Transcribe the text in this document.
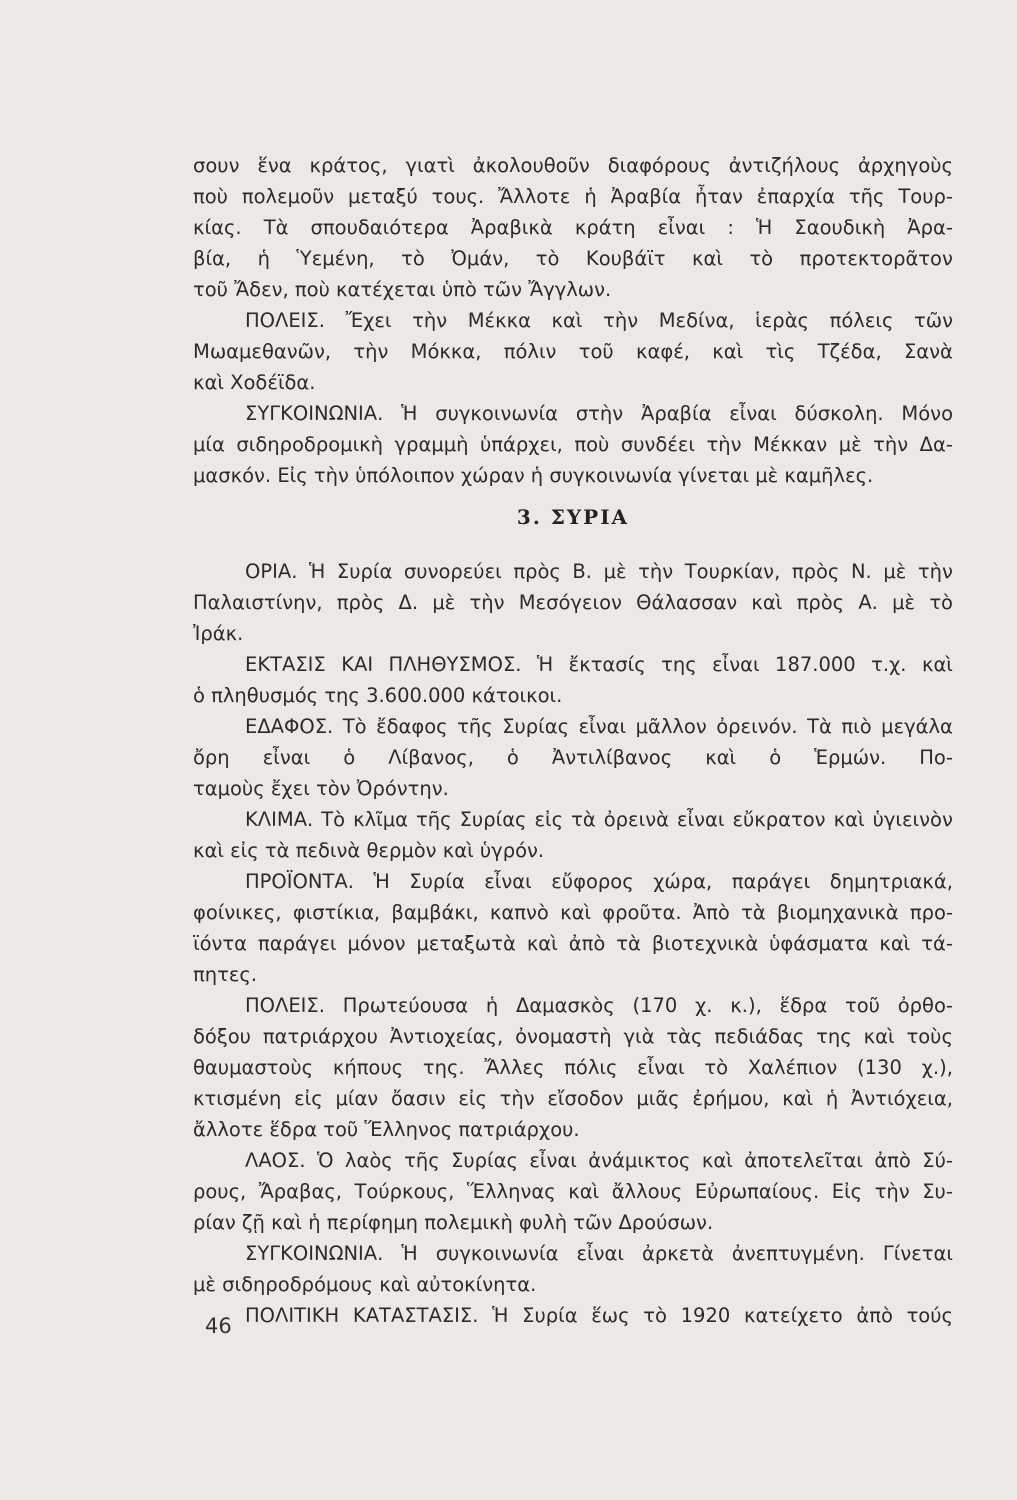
σουν ἕνα κράτος, γιατὶ ἀκολουθοῦν διαφόρους ἀντιζήλους ἀρχηγοὺς
ποὺ πολεμοῦν μεταξύ τους. Ἄλλοτε ἡ Ἀραβία ἦταν ἐπαρχία τῆς Τουρ-
κίας. Τὰ σπουδαιότερα Ἀραβικὰ κράτη εἶναι : Ἡ Σαουδικὴ Ἀρα-
βία, ἡ Ὑεμένη, τὸ Ὀμάν, τὸ Κουβάϊτ καὶ τὸ προτεκτορᾶτον
τοῦ Ἄδεν, ποὺ κατέχεται ὑπὸ τῶν Ἄγγλων.
ΠΟΛΕΙΣ. Ἔχει τὴν Μέκκα καὶ τὴν Μεδίνα, ἱερὰς πόλεις τῶν
Μωαμεθανῶν, τὴν Μόκκα, πόλιν τοῦ καφέ, καὶ τὶς Τζέδα, Σανὰ
καὶ Χοδέϊδα.
ΣΥΓΚΟΙΝΩΝΙΑ. Ἡ συγκοινωνία στὴν Ἀραβία εἶναι δύσκολη. Μόνο
μία σιδηροδρομικὴ γραμμὴ ὑπάρχει, ποὺ συνδέει τὴν Μέκκαν μὲ τὴν Δα-
μασκόν. Εἰς τὴν ὑπόλοιπον χώραν ἡ συγκοινωνία γίνεται μὲ καμῆλες.
3. ΣΥΡΙΑ
ΟΡΙΑ. Ἡ Συρία συνορεύει πρὸς Β. μὲ τὴν Τουρκίαν, πρὸς Ν. μὲ τὴν
Παλαιστίνην, πρὸς Δ. μὲ τὴν Μεσόγειον Θάλασσαν καὶ πρὸς Α. μὲ τὸ
Ἰράκ.
ΕΚΤΑΣΙΣ ΚΑΙ ΠΛΗΘΥΣΜΟΣ. Ἡ ἔκτασίς της εἶναι 187.000 τ.χ. καὶ
ὁ πληθυσμός της 3.600.000 κάτοικοι.
ΕΔΑΦΟΣ. Τὸ ἔδαφος τῆς Συρίας εἶναι μᾶλλον ὀρεινόν. Τὰ πιὸ μεγάλα
ὄρη εἶναι ὁ Λίβανος, ὁ Ἀντιλίβανος καὶ ὁ Ἑρμών. Πο-
ταμοὺς ἔχει τὸν Ὀρόντην.
ΚΛΙΜΑ. Τὸ κλῖμα τῆς Συρίας εἰς τὰ ὀρεινὰ εἶναι εὔκρατον καὶ ὑγιεινὸν
καὶ εἰς τὰ πεδινὰ θερμὸν καὶ ὑγρόν.
ΠΡΟΪΟΝΤΑ. Ἡ Συρία εἶναι εὔφορος χώρα, παράγει δημητριακά,
φοίνικες, φιστίκια, βαμβάκι, καπνὸ καὶ φροῦτα. Ἀπὸ τὰ βιομηχανικὰ προ-
ϊόντα παράγει μόνον μεταξωτὰ καὶ ἀπὸ τὰ βιοτεχνικὰ ὑφάσματα καὶ τά-
πητες.
ΠΟΛΕΙΣ. Πρωτεύουσα ἡ Δαμασκὸς (170 χ. κ.), ἕδρα τοῦ ὀρθο-
δόξου πατριάρχου Ἀντιοχείας, ὀνομαστὴ γιὰ τὰς πεδιάδας της καὶ τοὺς
θαυμαστοὺς κήπους της. Ἄλλες πόλις εἶναι τὸ Χαλέπιον (130 χ.),
κτισμένη εἰς μίαν ὄασιν εἰς τὴν εἴσοδον μιᾶς ἐρήμου, καὶ ἡ Ἀντιόχεια,
ἄλλοτε ἕδρα τοῦ Ἕλληνος πατριάρχου.
ΛΑΟΣ. Ὁ λαὸς τῆς Συρίας εἶναι ἀνάμικτος καὶ ἀποτελεῖται ἀπὸ Σύ-
ρους, Ἄραβας, Τούρκους, Ἕλληνας καὶ ἄλλους Εὐρωπαίους. Εἰς τὴν Συ-
ρίαν ζῇ καὶ ἡ περίφημη πολεμικὴ φυλὴ τῶν Δρούσων.
ΣΥΓΚΟΙΝΩΝΙΑ. Ἡ συγκοινωνία εἶναι ἀρκετὰ ἀνεπτυγμένη. Γίνεται
μὲ σιδηροδρόμους καὶ αὐτοκίνητα.
ΠΟΛΙΤΙΚΗ ΚΑΤΑΣΤΑΣΙΣ. Ἡ Συρία ἕως τὸ 1920 κατείχετο ἀπὸ τούς
46
